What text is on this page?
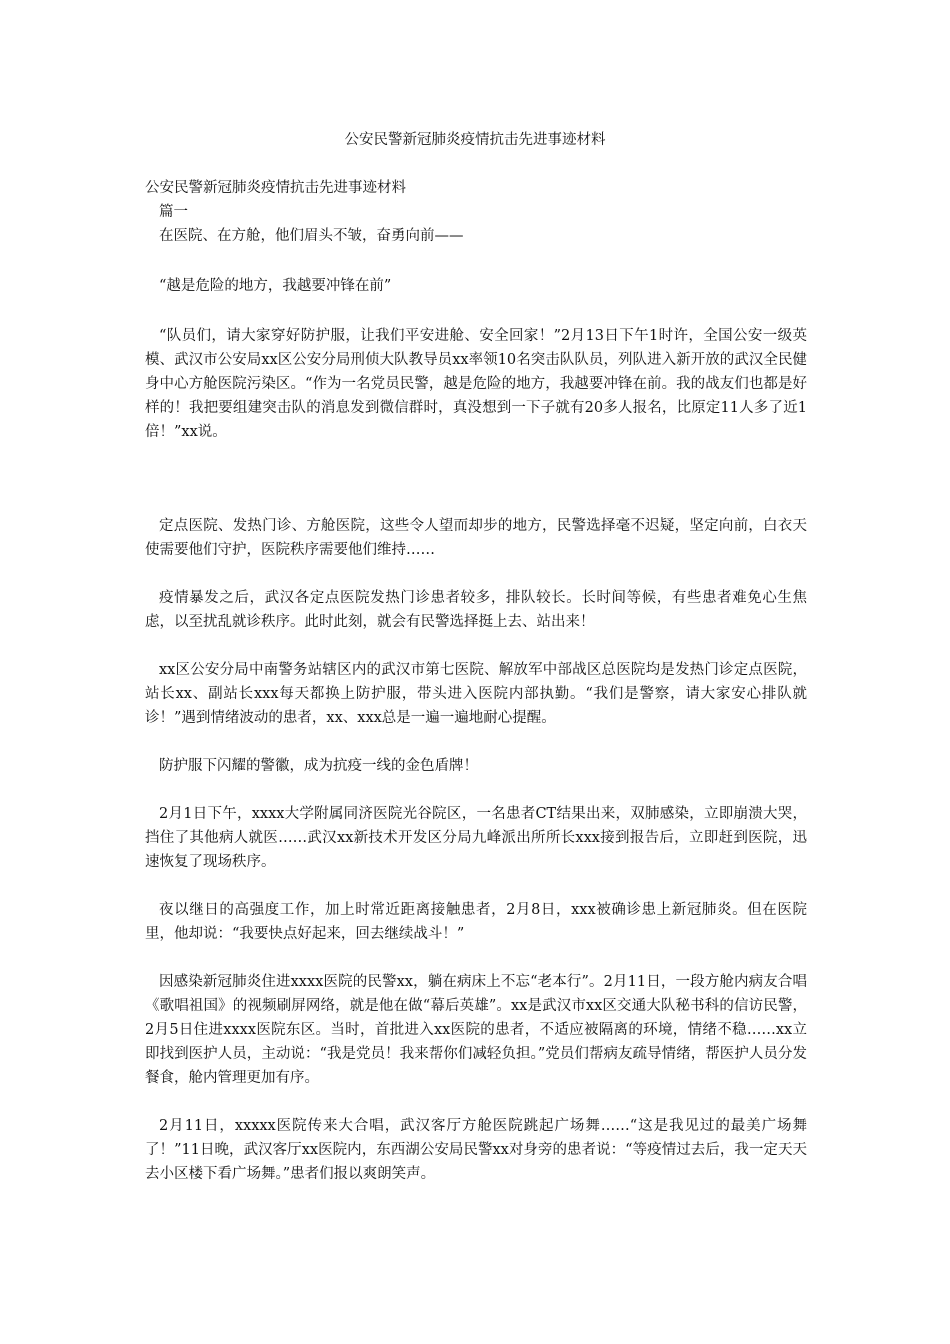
公安民警新冠肺炎疫情抗击先进事迹材料

公安民警新冠肺炎疫情抗击先进事迹材料

篇一

在医院、在方舱，他们眉头不皱，奋勇向前——

“越是危险的地方，我越要冲锋在前”

“队员们，请大家穿好防护服，让我们平安进舱、安全回家！”2月13日下午1时许，全国公安一级英模、武汉市公安局xx区公安分局刑侦大队教导员xx率领10名突击队队员，列队进入新开放的武汉全民健身中心方舱医院污染区。“作为一名党员民警，越是危险的地方，我越要冲锋在前。我的战友们也都是好样的！我把要组建突击队的消息发到微信群时，真没想到一下子就有20多人报名，比原定11人多了近1倍！”xx说。

定点医院、发热门诊、方舱医院，这些令人望而却步的地方，民警选择毫不迟疑，坚定向前，白衣天使需要他们守护，医院秩序需要他们维持……

疫情暴发之后，武汉各定点医院发热门诊患者较多，排队较长。长时间等候，有些患者难免心生焦虑，以至扰乱就诊秩序。此时此刻，就会有民警选择挺上去、站出来！

xx区公安分局中南警务站辖区内的武汉市第七医院、解放军中部战区总医院均是发热门诊定点医院，站长xx、副站长xxx每天都换上防护服，带头进入医院内部执勤。“我们是警察，请大家安心排队就诊！”遇到情绪波动的患者，xx、xxx总是一遍一遍地耐心提醒。

防护服下闪耀的警徽，成为抗疫一线的金色盾牌！

2月1日下午，xxxx大学附属同济医院光谷院区，一名患者CT结果出来，双肺感染，立即崩溃大哭，挡住了其他病人就医……武汉xx新技术开发区分局九峰派出所所长xxx接到报告后，立即赶到医院，迅速恢复了现场秩序。

夜以继日的高强度工作，加上时常近距离接触患者，2月8日，xxx被确诊患上新冠肺炎。但在医院里，他却说：“我要快点好起来，回去继续战斗！”

因感染新冠肺炎住进xxxx医院的民警xx，躺在病床上不忘“老本行”。2月11日，一段方舱内病友合唱《歌唱祖国》的视频刷屏网络，就是他在做“幕后英雄”。xx是武汉市xx区交通大队秘书科的信访民警，2月5日住进xxxx医院东区。当时，首批进入xx医院的患者，不适应被隔离的环境，情绪不稳……xx立即找到医护人员，主动说：“我是党员！我来帮你们减轻负担。”党员们帮病友疏导情绪，帮医护人员分发餐食，舱内管理更加有序。

2月11日，xxxxx医院传来大合唱，武汉客厅方舱医院跳起广场舞……“这是我见过的最美广场舞了！”11日晚，武汉客厅xx医院内，东西湖公安局民警xx对身旁的患者说：“等疫情过去后，我一定天天去小区楼下看广场舞。”患者们报以爽朗笑声。
